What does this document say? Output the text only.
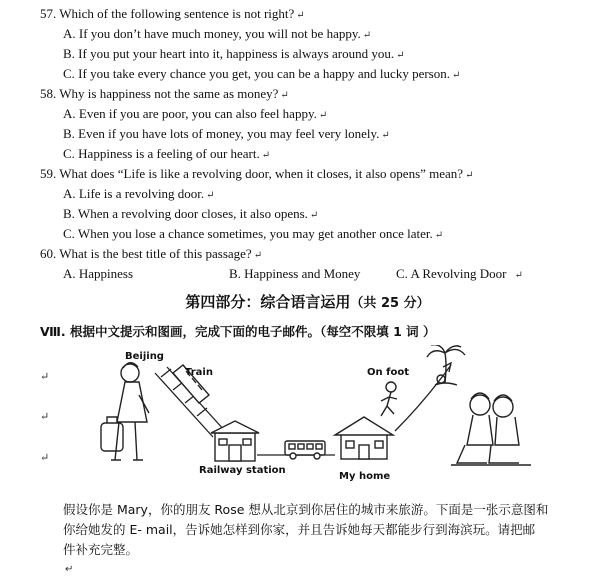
57. Which of the following sentence is not right? ↵
A. If you don’t have much money, you will not be happy. ↵
B. If you put your heart into it, happiness is always around you. ↵
C. If you take every chance you get, you can be a happy and lucky person. ↵
58. Why is happiness not the same as money? ↵
A. Even if you are poor, you can also feel happy. ↵
B. Even if you have lots of money, you may feel very lonely. ↵
C. Happiness is a feeling of our heart. ↵
59. What does “Life is like a revolving door, when it closes, it also opens” mean? ↵
A. Life is a revolving door. ↵
B. When a revolving door closes, it also opens. ↵
C. When you lose a chance sometimes, you may get another once later. ↵
60. What is the best title of this passage? ↵
A. Happiness	B. Happiness and Money	C. A Revolving Door ↵
第四部分：综合语言运用（共 25 分）
Ⅷ. 根据中文提示和图画，完成下面的电子邮件。（每空不限填 1 词 ）
↵
↵
↵
Beijing
Train
Railway station
My home
On foot
假设你是 Mary，你的朋友 Rose 想从北京到你居住的城市来旅游。下面是一张示意图和
你给她发的 E- mail，告诉她怎样到你家，并且告诉她每天都能步行到海滨玩。请把邮
件补充完整。
↵
